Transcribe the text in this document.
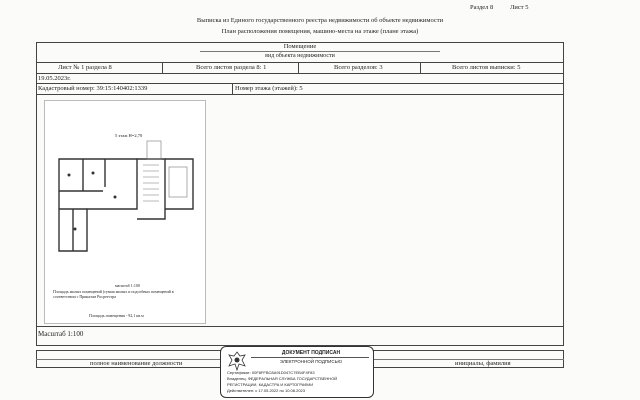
Раздел 8	Лист 5
Выписка из Единого государственного реестра недвижимости об объекте недвижимости
План расположения помещения, машино-места на этаже (плане этажа)
Помещение
вид объекта недвижимости
Лист № 1 раздела 8	Всего листов раздела 8: 1	Всего разделов: 3	Всего листов выписки: 5
19.05.2023г.
Кадастровый номер: 39:15:140402:1339	Номер этажа (этажей): 5
5 этаж Н=2,70
масштаб 1:100
Площадь жилых помещений (сумма жилых и подсобных помещений в соответствии с Приказом Росреестра
Площадь помещения - 92,1 кв.м
Масштаб 1:100
полное наименование должности	инициалы, фамилия
ДОКУМЕНТ ПОДПИСАН
ЭЛЕКТРОННОЙ ПОДПИСЬЮ
Сертификат: 00F8FFBC8A91D047C7EB4F4F83
Владелец: ФЕДЕРАЛЬНАЯ СЛУЖБА ГОСУДАРСТВЕННОЙ
РЕГИСТРАЦИИ, КАДАСТРА И КАРТОГРАФИИ
Действителен: с 17.05.2022 по 10.08.2023
